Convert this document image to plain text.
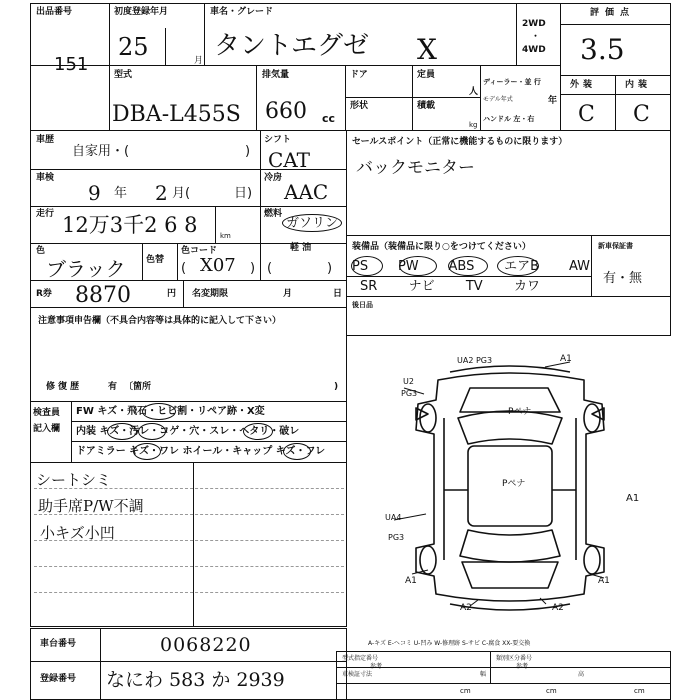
出品番号
151
初度登録年月
25	月
車名・グレード
タントエグゼ X
2WD
・
4WD
評価点
3.5
型式
DBA-L455S
排気量
660 cc
ドア
形状
定員
人
積載
kg
ディーラー・並 行
モデル年式	年
ハンドル 左・右
外装	内装
C C
車歴
自家用・(	)
シフト
CAT
車検
9 年 2 月(	日)
冷房
AAC
走行 12万3千2 6 8	km
燃料
ガソリン
軽 油
色
ブラック 色替
色コード
( X07 ) (	)
R券 8870	円 名変期限	月	日
セールスポイント（正常に機能するものに限ります）
バックモニター
装備品（装備品に限り○をつけてください）
PS PW ABS エアB AW
SR ナビ TV カワ
新車保証書
有・無
後日品
注意事項申告欄（不具合内容等は具体的に記入して下さい）
修復歴	有 〔箇所	)
検査員
記入欄
FW キズ・飛石・ヒビ割・リペア跡・X変
内装 キズ・汚レ・コゲ・穴・スレ・ヘタリ・破レ
ドアミラー キズ・ワレ ホイール・キャップ キズ・フレ
シートシミ
助手席P/W不調
小キズ小凹
UA2 PG3	A1
U2
PG3
Pペナ
Pペナ
A1
UA4
PG3
A1	A1
A2	A2
車台番号	0068220
登録番号 なにわ 583 か 2939
A-キズ E-ヘコミ U-凹み W-修理跡 S-サビ C-腐食 XX-要交換
型式指定番号
参考
類別区分番号
参考
車検証寸法	幅	高
cm	cm	cm
